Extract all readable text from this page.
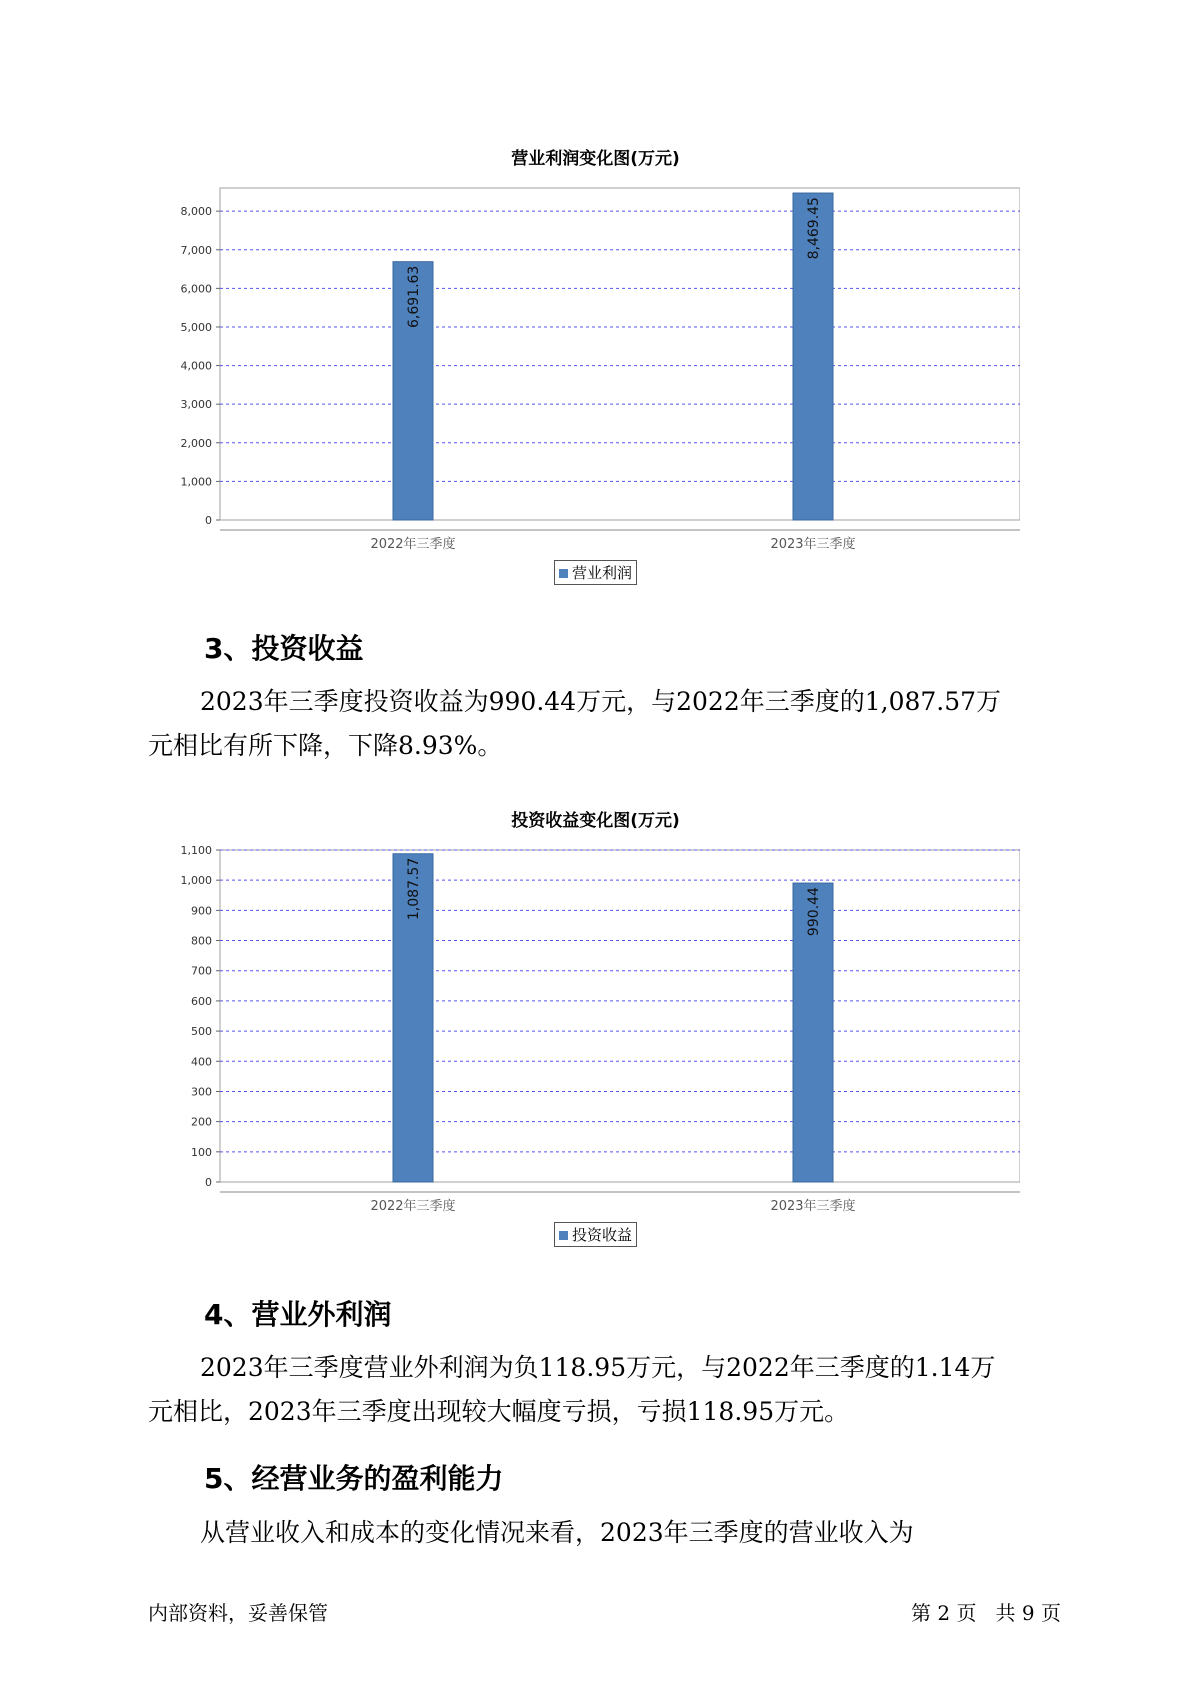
营业利润变化图(万元)
0
1,000
2,000
3,000
4,000
5,000
6,000
7,000
8,000
6,691.63
2022年三季度
8,469.45
2023年三季度
营业利润
3、投资收益
2023年三季度投资收益为990.44万元，与2022年三季度的1,087.57万
元相比有所下降，下降8.93%。
投资收益变化图(万元)
0
100
200
300
400
500
600
700
800
900
1,000
1,100
1,087.57
2022年三季度
990.44
2023年三季度
投资收益
4、营业外利润
2023年三季度营业外利润为负118.95万元，与2022年三季度的1.14万
元相比，2023年三季度出现较大幅度亏损，亏损118.95万元。
5、经营业务的盈利能力
从营业收入和成本的变化情况来看，2023年三季度的营业收入为
内部资料，妥善保管	第 2 页   共 9 页
